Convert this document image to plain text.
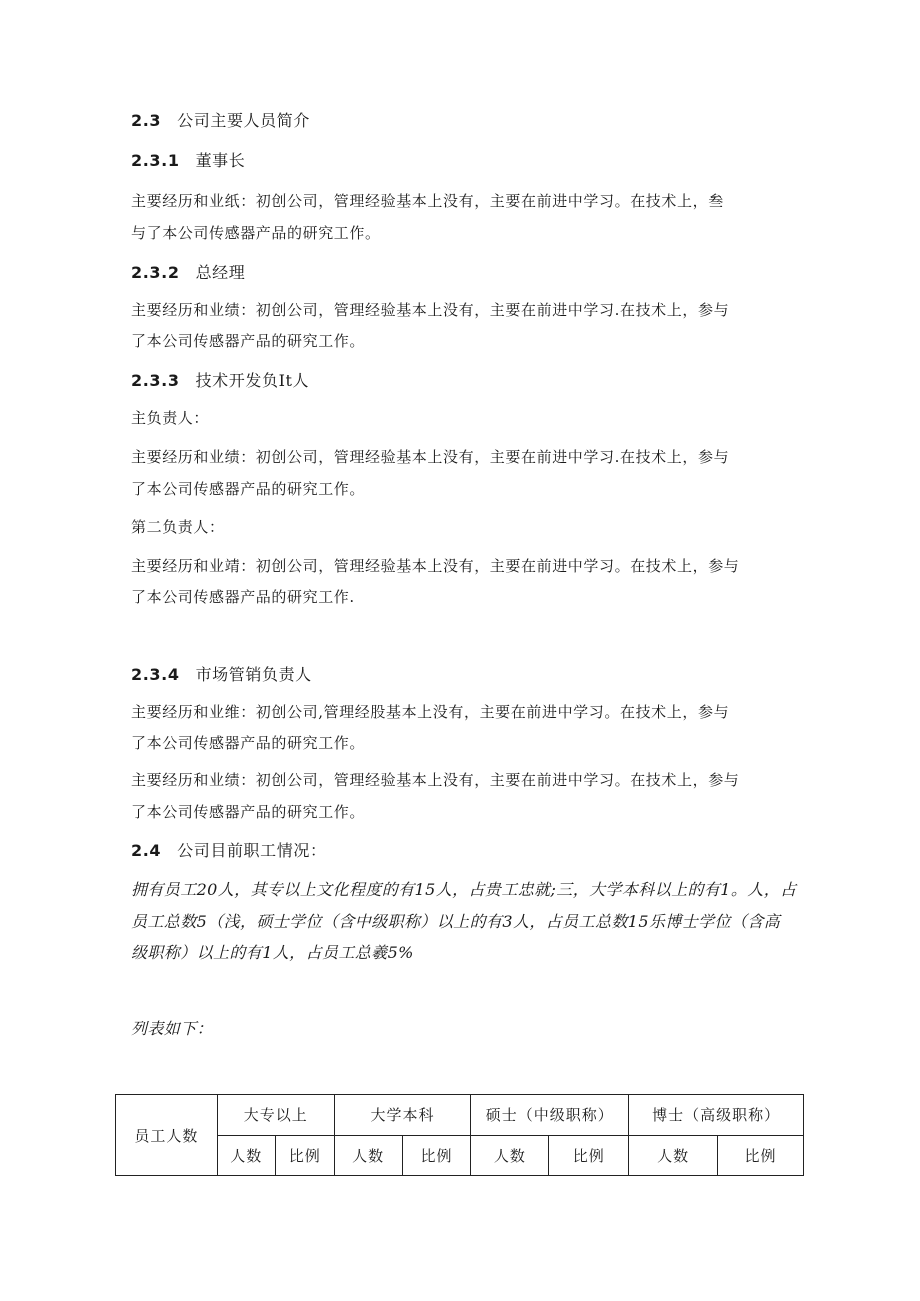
2.3 公司主要人员简介
2.3.1 董事长
主要经历和业纸：初创公司，管理经验基本上没有，主要在前进中学习。在技术上，叁
与了本公司传感器产品的研究工作。
2.3.2 总经理
主要经历和业绩：初创公司，管理经验基本上没有，主要在前进中学习.在技术上，参与
了本公司传感器产品的研究工作。
2.3.3 技术开发负It人
主负责人：
主要经历和业绩：初创公司，管理经验基本上没有，主要在前进中学习.在技术上，参与
了本公司传感器产品的研究工作。
第二负责人：
主要经历和业靖：初创公司，管理经验基本上没有，主要在前进中学习。在技术上，参与
了本公司传感器产品的研究工作.
2.3.4 市场管销负责人
主要经历和业维：初创公司,管理经股基本上没有，主要在前进中学习。在技术上，参与
了本公司传感器产品的研究工作。
主要经历和业绩：初创公司，管理经验基本上没有，主要在前进中学习。在技术上，参与
了本公司传感器产品的研究工作。
2.4 公司目前职工情况：
拥有员工20人，其专以上文化程度的有15人，占贵工忠就;三，大学本科以上的有1。人，占
员工总数5（浅，硕士学位（含中级职称）以上的有3人，占员工总数15乐博士学位（含高
级职称）以上的有1人，占员工总羲5%
列表如下：
员工人数	大专以上		大学本科		硕士（中级职称）		博士（高级职称）	
	人数	比例	人数	比例	人数	比例	人数	比例
